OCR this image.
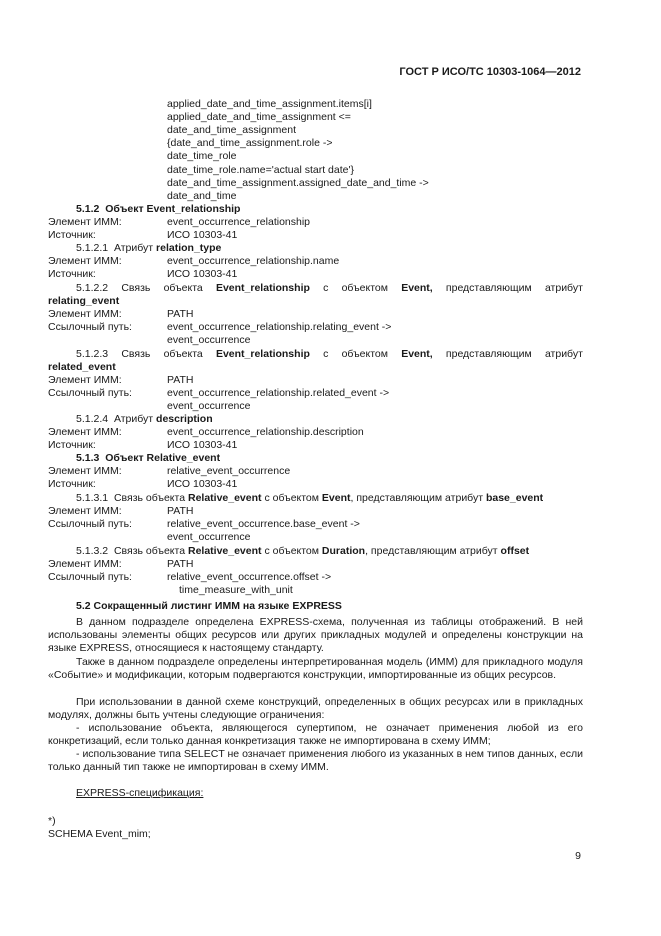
ГОСТ Р ИСО/ТС 10303-1064—2012
applied_date_and_time_assignment.items[i]
applied_date_and_time_assignment <=
date_and_time_assignment
{date_and_time_assignment.role ->
date_time_role
date_time_role.name='actual start date'}
date_and_time_assignment.assigned_date_and_time ->
date_and_time
5.1.2 Объект Event_relationship
Элемент ИММ:	event_occurrence_relationship
Источник:	ИСО 10303-41
5.1.2.1 Атрибут relation_type
Элемент ИММ:	event_occurrence_relationship.name
Источник:	ИСО 10303-41
5.1.2.2 Связь объекта Event_relationship с объектом Event, представляющим атрибут
relating_event
Элемент ИММ:	PATH
Ссылочный путь:	event_occurrence_relationship.relating_event ->
event_occurrence
5.1.2.3 Связь объекта Event_relationship с объектом Event, представляющим атрибут
related_event
Элемент ИММ:	PATH
Ссылочный путь:	event_occurrence_relationship.related_event ->
event_occurrence
5.1.2.4 Атрибут description
Элемент ИММ:	event_occurrence_relationship.description
Источник:	ИСО 10303-41
5.1.3 Объект Relative_event
Элемент ИММ:	relative_event_occurrence
Источник:	ИСО 10303-41
5.1.3.1 Связь объекта Relative_event с объектом Event, представляющим атрибут base_event
Элемент ИММ:	PATH
Ссылочный путь:	relative_event_occurrence.base_event ->
event_occurrence
5.1.3.2 Связь объекта Relative_event с объектом Duration, представляющим атрибут offset
Элемент ИММ:	PATH
Ссылочный путь:	relative_event_occurrence.offset ->
time_measure_with_unit
5.2 Сокращенный листинг ИММ на языке EXPRESS
В данном подразделе определена EXPRESS-схема, полученная из таблицы отображений. В ней использованы элементы общих ресурсов или других прикладных модулей и определены конструкции на языке EXPRESS, относящиеся к настоящему стандарту.
Также в данном подразделе определены интерпретированная модель (ИММ) для прикладного модуля «Событие» и модификации, которым подвергаются конструкции, импортированные из общих ресурсов.
При использовании в данной схеме конструкций, определенных в общих ресурсах или в прикладных модулях, должны быть учтены следующие ограничения:
- использование объекта, являющегося супертипом, не означает применения любой из его конкретизаций, если только данная конкретизация также не импортирована в схему ИММ;
- использование типа SELECT не означает применения любого из указанных в нем типов данных, если только данный тип также не импортирован в схему ИММ.
EXPRESS-спецификация:
*)
SCHEMA Event_mim;
9
